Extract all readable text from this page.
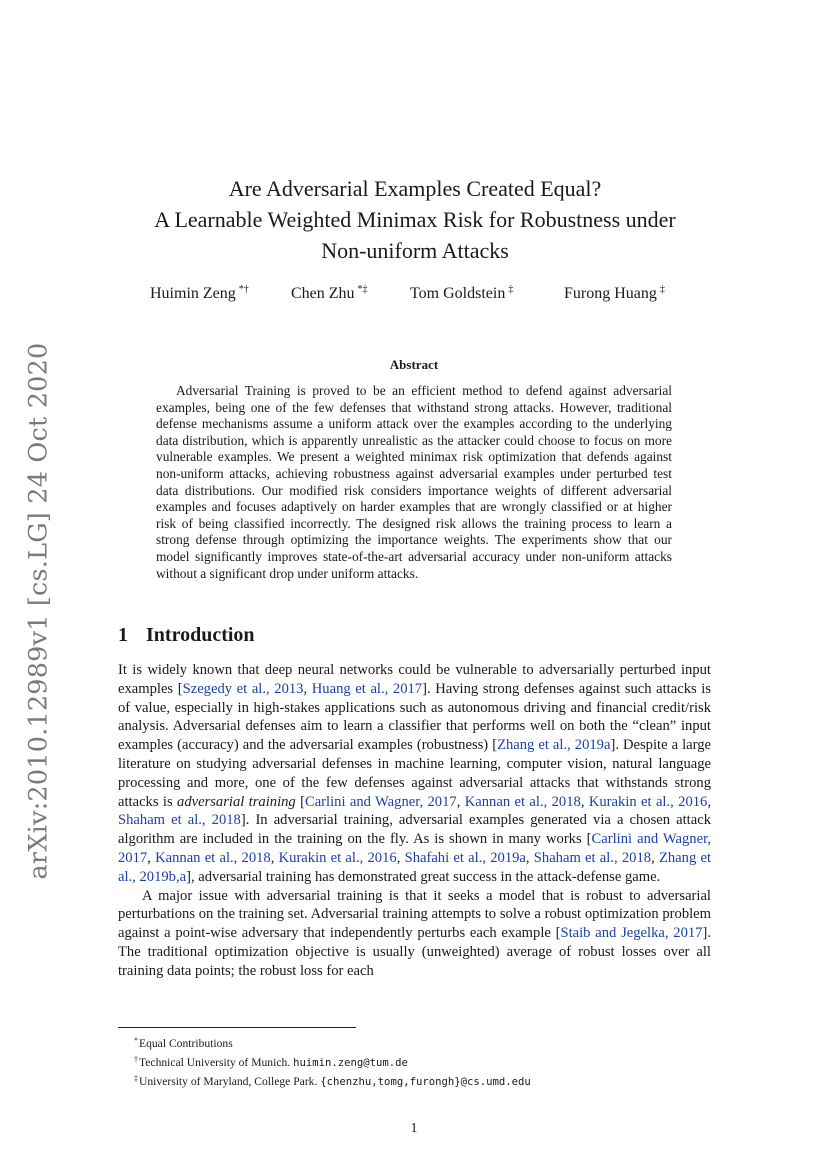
arXiv:2010.12989v1 [cs.LG] 24 Oct 2020
Are Adversarial Examples Created Equal?
A Learnable Weighted Minimax Risk for Robustness under
Non-uniform Attacks
Huimin Zeng *†	Chen Zhu *‡	Tom Goldstein ‡	Furong Huang ‡
Abstract

Adversarial Training is proved to be an efficient method to defend against adversarial examples, being one of the few defenses that withstand strong attacks. However, traditional defense mechanisms assume a uniform attack over the examples according to the underlying data distribution, which is apparently unrealistic as the attacker could choose to focus on more vulnerable examples. We present a weighted minimax risk optimization that defends against non-uniform attacks, achieving robustness against adversarial examples under perturbed test data distributions. Our modified risk considers importance weights of different adversarial examples and focuses adaptively on harder examples that are wrongly classified or at higher risk of being classified incorrectly. The designed risk allows the training process to learn a strong defense through optimizing the importance weights. The experiments show that our model significantly improves state-of-the-art adversarial accuracy under non-uniform attacks without a significant drop under uniform attacks.

1 Introduction

It is widely known that deep neural networks could be vulnerable to adversarially perturbed input examples [Szegedy et al., 2013, Huang et al., 2017]. Having strong defenses against such attacks is of value, especially in high-stakes applications such as autonomous driving and financial credit/risk analysis. Adversarial defenses aim to learn a classifier that performs well on both the “clean” input examples (accuracy) and the adversarial examples (robustness) [Zhang et al., 2019a]. Despite a large literature on studying adversarial defenses in machine learning, computer vision, natural language processing and more, one of the few defenses against adversarial attacks that withstands strong attacks is adversarial training [Carlini and Wagner, 2017, Kannan et al., 2018, Kurakin et al., 2016, Shaham et al., 2018]. In adversarial training, adversarial examples generated via a chosen attack algorithm are included in the training on the fly. As is shown in many works [Carlini and Wagner, 2017, Kannan et al., 2018, Kurakin et al., 2016, Shafahi et al., 2019a, Shaham et al., 2018, Zhang et al., 2019b,a], adversarial training has demonstrated great success in the attack-defense game.

A major issue with adversarial training is that it seeks a model that is robust to adversarial perturbations on the training set. Adversarial training attempts to solve a robust optimization problem against a point-wise adversary that independently perturbs each example [Staib and Jegelka, 2017]. The traditional optimization objective is usually (unweighted) average of robust losses over all training data points; the robust loss for each

*Equal Contributions
†Technical University of Munich. huimin.zeng@tum.de
‡University of Maryland, College Park. {chenzhu,tomg,furongh}@cs.umd.edu
1
